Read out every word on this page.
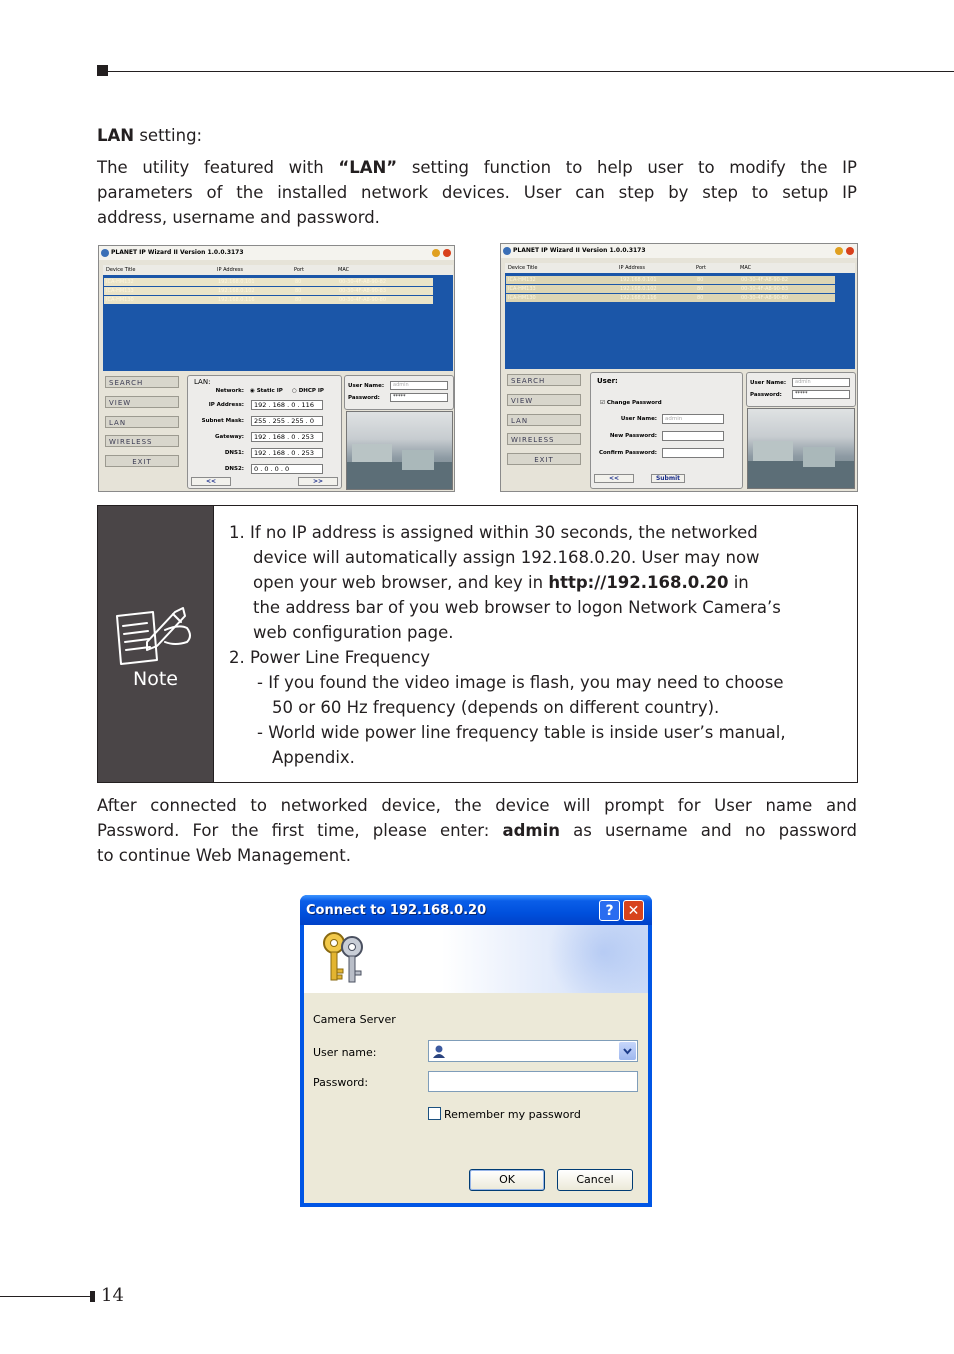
LAN setting:

The utility featured with “LAN” setting function to help user to modify the IP

parameters of the installed network devices. User can step by step to setup IP

address, username and password.

PLANET IP Wizard II Version 1.0.0.3173
Device Title	IP Address	Port	MAC
ICA-HM132	192.168.0.101	80	00-30-4F-A8-90-82
ICA-HM133	192.168.0.102	80	00-30-4F-A8-90-83
ICA-HM130	192.168.0.116	80	00-30-4F-A8-90-80
SEARCH
VIEW
LAN
WIRELESS
EXIT
LAN:
Network: ◉ Static IP ○ DHCP IP
IP Address:	192 . 168 . 0 . 116
Subnet Mask:	255 . 255 . 255 . 0
Gateway:	192 . 168 . 0 . 253
DNS1:	192 . 168 . 0 . 253
DNS2:	0 . 0 . 0 . 0
<<	>>
User Name:	admin
Password:	*****
PLANET IP Wizard II Version 1.0.0.3173
Device Title	IP Address	Port	MAC
ICA-HM132	192.168.0.101	80	00-30-4F-A8-90-82
ICA-HM133	192.168.0.102	80	00-30-4F-A8-90-83
ICA-HM130	192.168.0.116	80	00-30-4F-A8-90-80
SEARCH
VIEW
LAN
WIRELESS
EXIT
User:
☑ Change Password
User Name:	admin
New Password:
Confirm Password:
<<	Submit
User Name:	admin
Password:	*****
Note
1. If no IP address is assigned within 30 seconds, the networked
device will automatically assign 192.168.0.20. User may now
open your web browser, and key in http://192.168.0.20 in
the address bar of you web browser to logon Network Camera’s
web configuration page.
2. Power Line Frequency
- If you found the video image is flash, you may need to choose
50 or 60 Hz frequency (depends on different country).
- World wide power line frequency table is inside user’s manual,
Appendix.

After connected to networked device, the device will prompt for User name and

Password. For the first time, please enter: admin as username and no password

to continue Web Management.

Connect to 192.168.0.20	?	✕
Camera Server
User name:
Password:
Remember my password
OK	Cancel
14
